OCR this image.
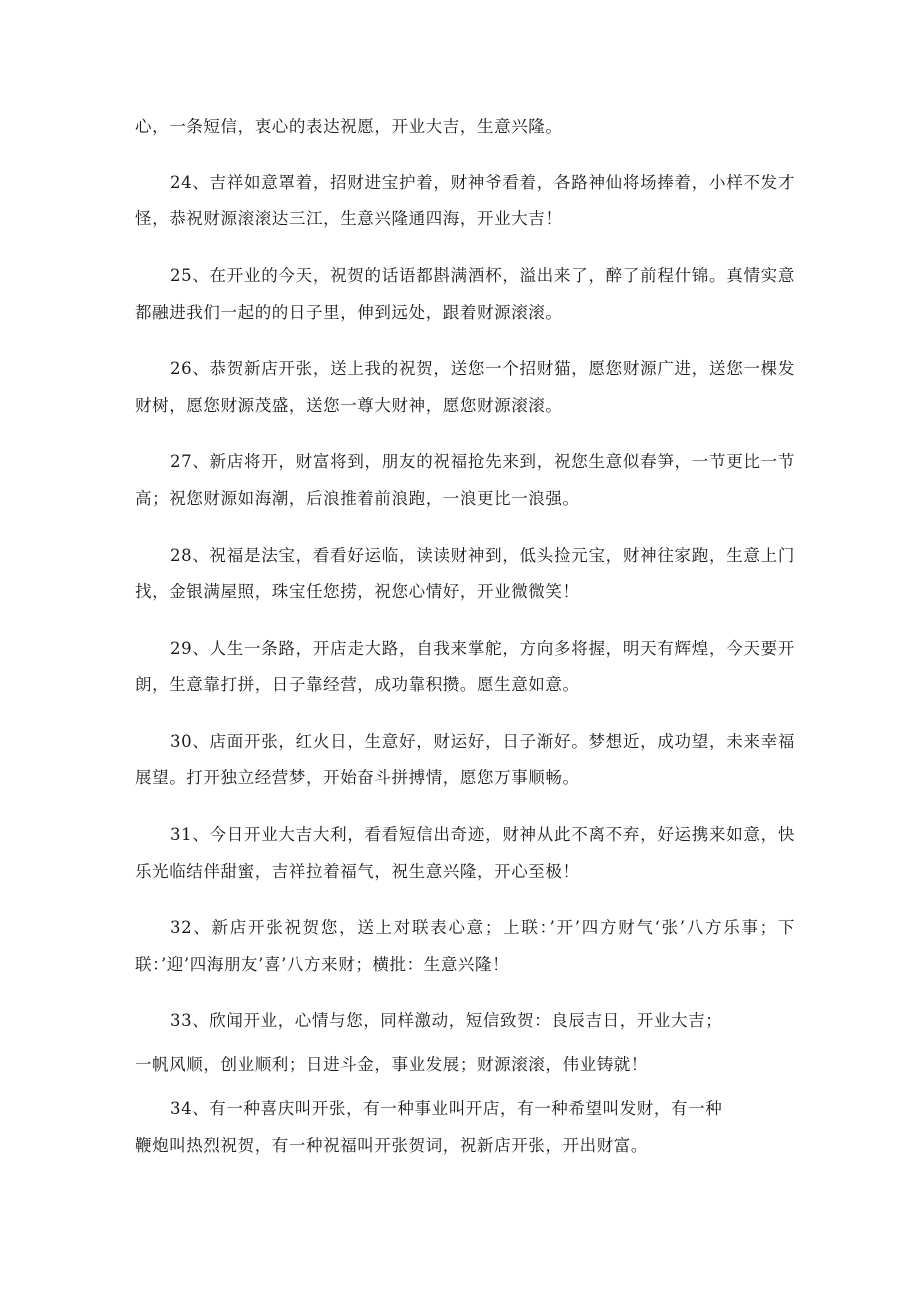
心，一条短信，衷心的表达祝愿，开业大吉，生意兴隆。
24、吉祥如意罩着，招财进宝护着，财神爷看着，各路神仙将场捧着，小样不发才
怪，恭祝财源滚滚达三江，生意兴隆通四海，开业大吉！
25、在开业的今天，祝贺的话语都斟满酒杯，溢出来了，醉了前程什锦。真情实意
都融进我们一起的的日子里，伸到远处，跟着财源滚滚。
26、恭贺新店开张，送上我的祝贺，送您一个招财猫，愿您财源广进，送您一棵发
财树，愿您财源茂盛，送您一尊大财神，愿您财源滚滚。
27、新店将开，财富将到，朋友的祝福抢先来到，祝您生意似春笋，一节更比一节
高；祝您财源如海潮，后浪推着前浪跑，一浪更比一浪强。
28、祝福是法宝，看看好运临，读读财神到，低头捡元宝，财神往家跑，生意上门
找，金银满屋照，珠宝任您捞，祝您心情好，开业微微笑！
29、人生一条路，开店走大路，自我来掌舵，方向多将握，明天有辉煌，今天要开
朗，生意靠打拼，日子靠经营，成功靠积攒。愿生意如意。
30、店面开张，红火日，生意好，财运好，日子渐好。梦想近，成功望，未来幸福
展望。打开独立经营梦，开始奋斗拼搏情，愿您万事顺畅。
31、今日开业大吉大利，看看短信出奇迹，财神从此不离不弃，好运携来如意，快
乐光临结伴甜蜜，吉祥拉着福气，祝生意兴隆，开心至极！
32、新店开张祝贺您，送上对联表心意；上联：’开’四方财气‘张’八方乐事；下
联：’迎’四海朋友’喜’八方来财；横批：生意兴隆！
33、欣闻开业，心情与您，同样激动，短信致贺：良辰吉日，开业大吉；
一帆风顺，创业顺利；日进斗金，事业发展；财源滚滚，伟业铸就！
34、有一种喜庆叫开张，有一种事业叫开店，有一种希望叫发财，有一种
鞭炮叫热烈祝贺，有一种祝福叫开张贺词，祝新店开张，开出财富。
